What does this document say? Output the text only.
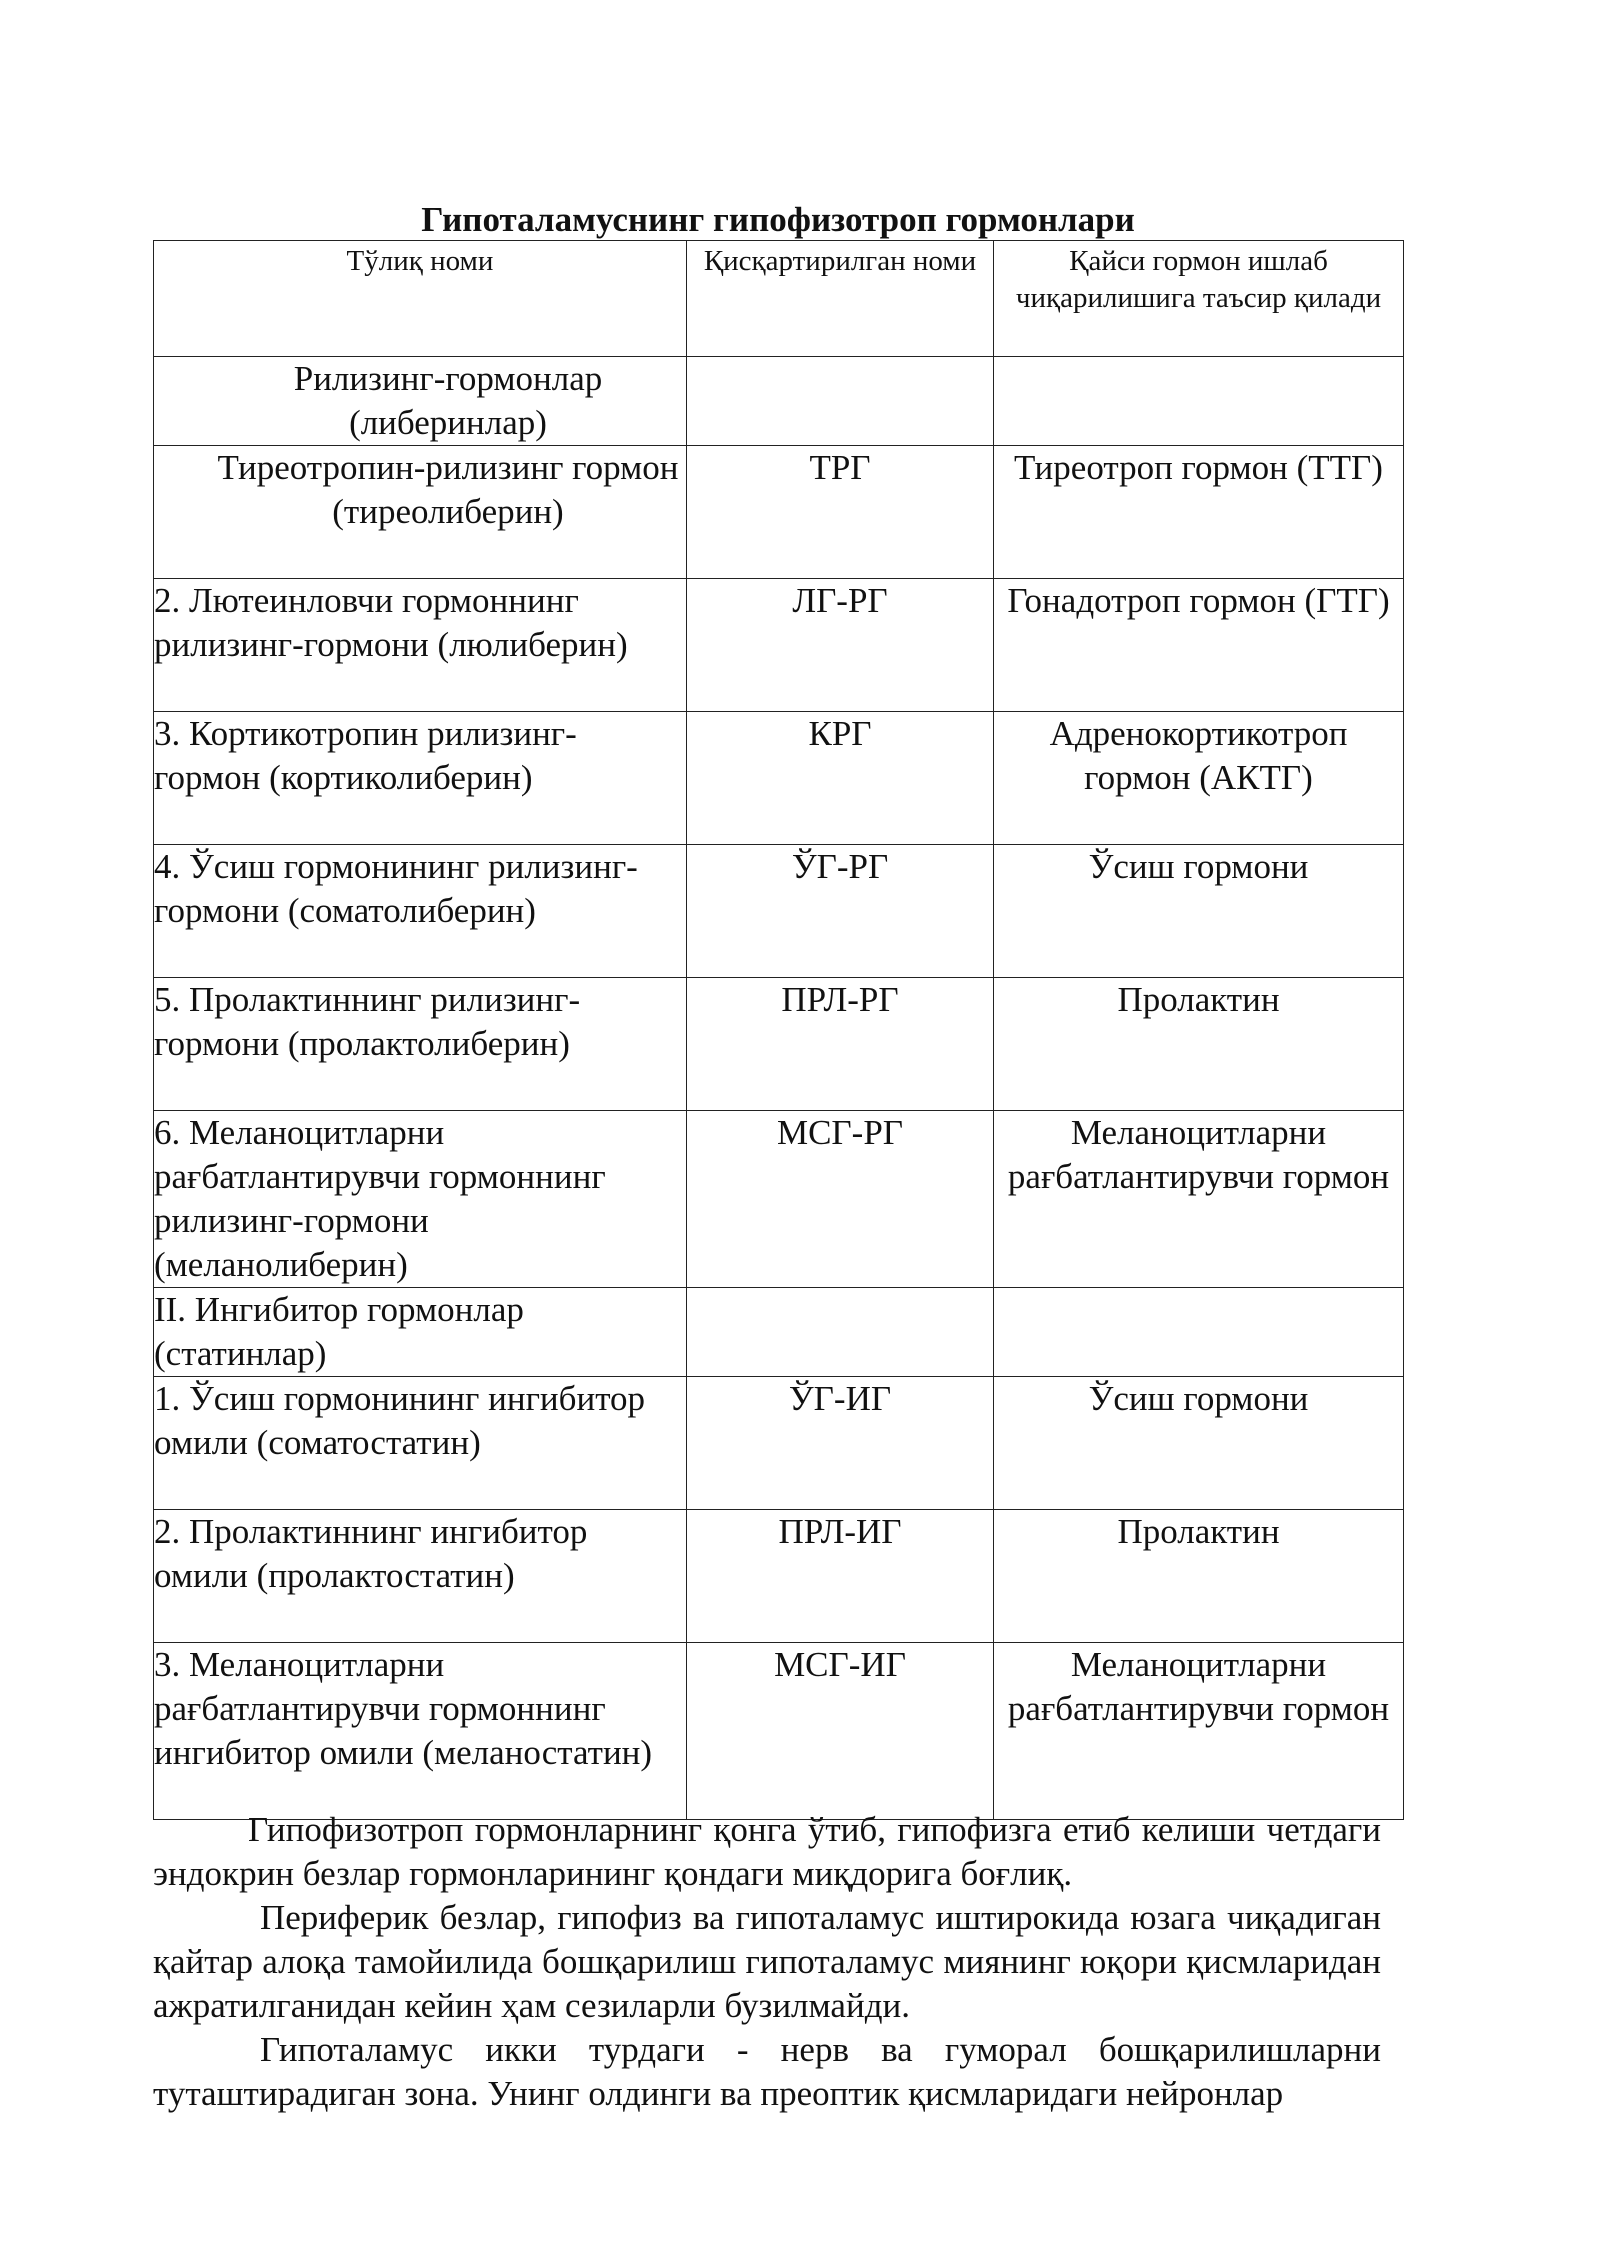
Гипоталамуснинг гипофизотроп гормонлари
Тўлиқ номи	Қисқартирилган номи	Қайси гормон ишлаб чиқарилишига таъсир қилади
Рилизинг-гормонлар (либеринлар)		
Тиреотропин-рилизинг гормон (тиреолиберин)	ТРГ	Тиреотроп гормон (ТТГ)
2. Лютеинловчи гормоннинг рилизинг-гормони (люлиберин)	ЛГ-РГ	Гонадотроп гормон (ГТГ)
3. Кортикотропин рилизинг- гормон (кортиколиберин)	КРГ	Адренокортикотроп гормон (АКТГ)
4. Ўсиш гормонининг рилизинг-гормони (соматолиберин)	ЎГ-РГ	Ўсиш гормони
5. Пролактиннинг рилизинг-гормони (пролактолиберин)	ПРЛ-РГ	Пролактин
6. Меланоцитларни рағбатлантирувчи гормоннинг рилизинг-гормони (меланолиберин)	МСГ-РГ	Меланоцитларни рағбатлантирувчи гормон
II. Ингибитор гормонлар (статинлар)		
1. Ўсиш гормонининг ингибитор омили (соматостатин)	ЎГ-ИГ	Ўсиш гормони
2. Пролактиннинг ингибитор омили (пролактостатин)	ПРЛ-ИГ	Пролактин
3. Меланоцитларни рағбатлантирувчи гормоннинг ингибитор омили (меланостатин)	МСГ-ИГ	Меланоцитларни рағбатлантирувчи гормон

Гипофизотроп гормонларнинг қонга ўтиб, гипофизга етиб келиши четдаги эндокрин безлар гормонларининг қондаги миқдорига боғлиқ.

Периферик безлар, гипофиз ва гипоталамус иштирокида юзага чиқадиган қайтар алоқа тамойилида бошқарилиш гипоталамус миянинг юқори қисмларидан ажратилганидан кейин ҳам сезиларли бузилмайди.

Гипоталамус икки турдаги - нерв ва гуморал бошқарилишларни туташтирадиган зона. Унинг олдинги ва преоптик қисмларидаги нейронлар
